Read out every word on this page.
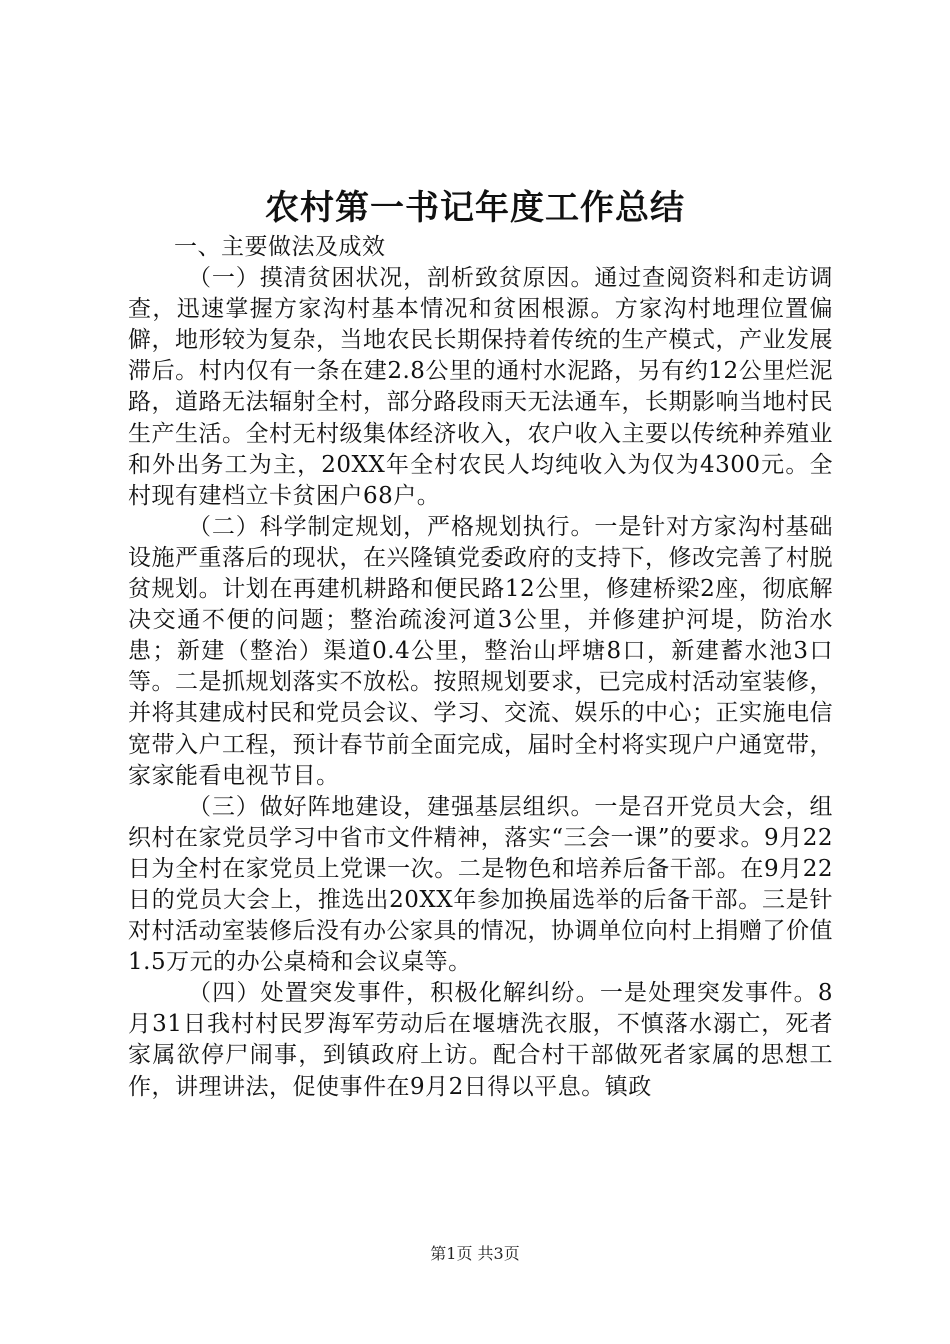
农村第一书记年度工作总结

一、主要做法及成效

（一）摸清贫困状况，剖析致贫原因。通过查阅资料和走访调查，迅速掌握方家沟村基本情况和贫困根源。方家沟村地理位置偏僻，地形较为复杂，当地农民长期保持着传统的生产模式，产业发展滞后。村内仅有一条在建2.8公里的通村水泥路，另有约12公里烂泥路，道路无法辐射全村，部分路段雨天无法通车，长期影响当地村民生产生活。全村无村级集体经济收入，农户收入主要以传统种养殖业和外出务工为主，20XX年全村农民人均纯收入为仅为4300元。全村现有建档立卡贫困户68户。

（二）科学制定规划，严格规划执行。一是针对方家沟村基础设施严重落后的现状，在兴隆镇党委政府的支持下，修改完善了村脱贫规划。计划在再建机耕路和便民路12公里，修建桥梁2座，彻底解决交通不便的问题；整治疏浚河道3公里，并修建护河堤，防治水患；新建（整治）渠道0.4公里，整治山坪塘8口，新建蓄水池3口等。二是抓规划落实不放松。按照规划要求，已完成村活动室装修，并将其建成村民和党员会议、学习、交流、娱乐的中心；正实施电信宽带入户工程，预计春节前全面完成，届时全村将实现户户通宽带，家家能看电视节目。

（三）做好阵地建设，建强基层组织。一是召开党员大会，组织村在家党员学习中省市文件精神，落实“三会一课”的要求。9月22日为全村在家党员上党课一次。二是物色和培养后备干部。在9月22日的党员大会上，推选出20XX年参加换届选举的后备干部。三是针对村活动室装修后没有办公家具的情况，协调单位向村上捐赠了价值1.5万元的办公桌椅和会议桌等。

（四）处置突发事件，积极化解纠纷。一是处理突发事件。8月31日我村村民罗海军劳动后在堰塘洗衣服，不慎落水溺亡，死者家属欲停尸闹事，到镇政府上访。配合村干部做死者家属的思想工作，讲理讲法，促使事件在9月2日得以平息。镇政

第1页 共3页
